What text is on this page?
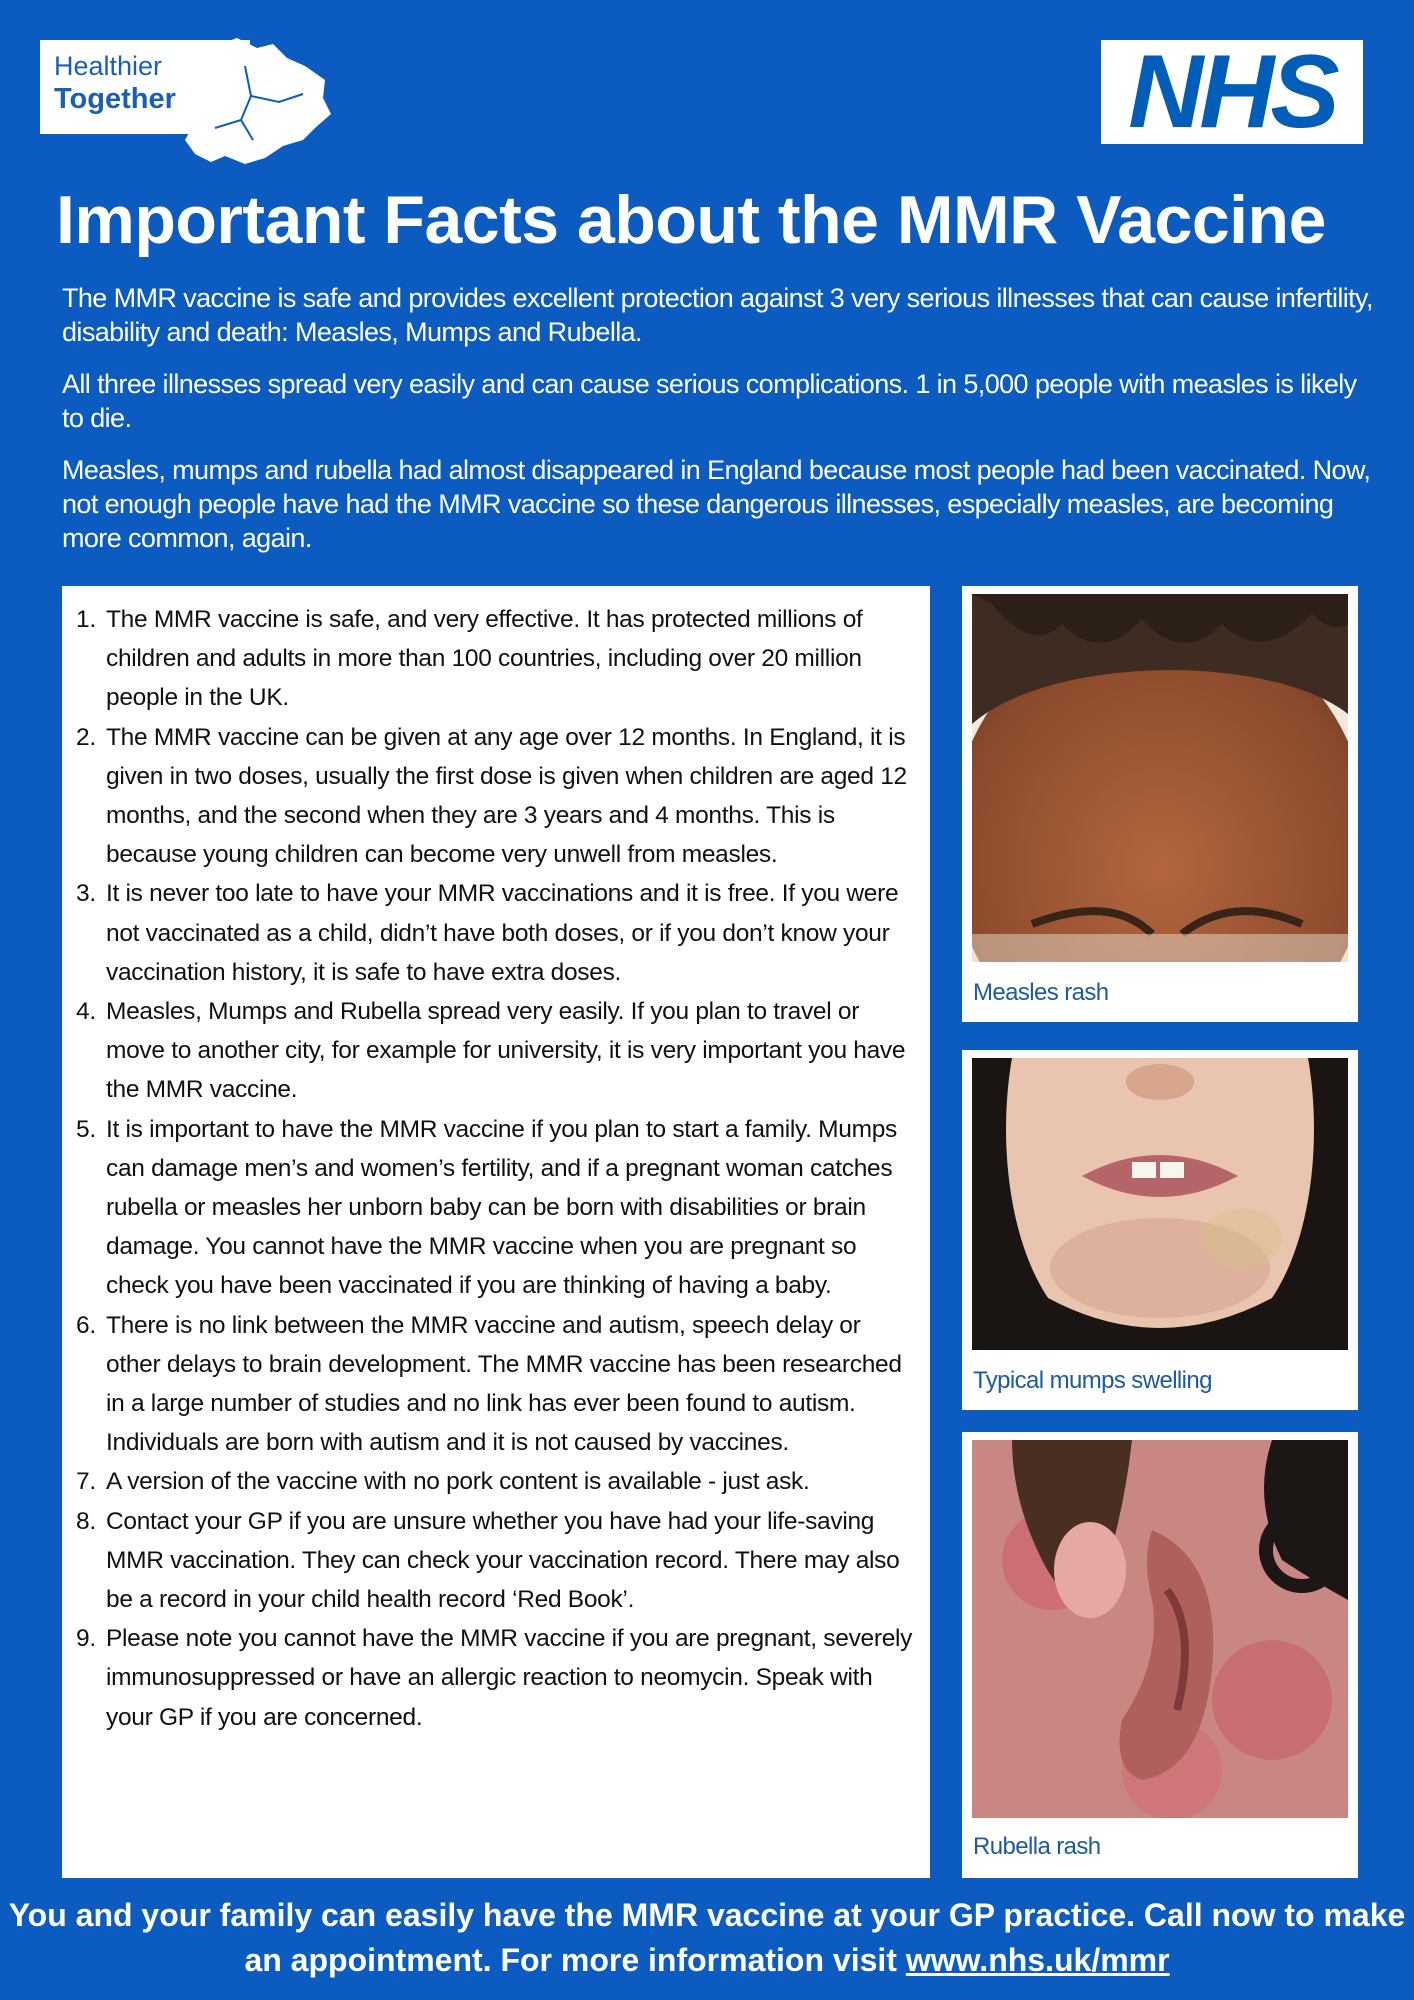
Healthier
Together	NHS
Important Facts about the MMR Vaccine

The MMR vaccine is safe and provides excellent protection against 3 very serious illnesses that can cause infertility, disability and death: Measles, Mumps and Rubella.

All three illnesses spread very easily and can cause serious complications. 1 in 5,000 people with measles is likely to die.

Measles, mumps and rubella had almost disappeared in England because most people had been vaccinated. Now, not enough people have had the MMR vaccine so these dangerous illnesses, especially measles, are becoming more common, again.

1. The MMR vaccine is safe, and very effective. It has protected millions of children and adults in more than 100 countries, including over 20 million people in the UK.
2. The MMR vaccine can be given at any age over 12 months. In England, it is given in two doses, usually the first dose is given when children are aged 12 months, and the second when they are 3 years and 4 months. This is because young children can become very unwell from measles.
3. It is never too late to have your MMR vaccinations and it is free. If you were not vaccinated as a child, didn’t have both doses, or if you don’t know your vaccination history, it is safe to have extra doses.
4. Measles, Mumps and Rubella spread very easily. If you plan to travel or move to another city, for example for university, it is very important you have the MMR vaccine.
5. It is important to have the MMR vaccine if you plan to start a family. Mumps can damage men’s and women’s fertility, and if a pregnant woman catches rubella or measles her unborn baby can be born with disabilities or brain damage. You cannot have the MMR vaccine when you are pregnant so check you have been vaccinated if you are thinking of having a baby.
6. There is no link between the MMR vaccine and autism, speech delay or other delays to brain development. The MMR vaccine has been researched in a large number of studies and no link has ever been found to autism. Individuals are born with autism and it is not caused by vaccines.
7. A version of the vaccine with no pork content is available - just ask.
8. Contact your GP if you are unsure whether you have had your life-saving MMR vaccination. They can check your vaccination record. There may also be a record in your child health record ‘Red Book’.
9. Please note you cannot have the MMR vaccine if you are pregnant, severely immunosuppressed or have an allergic reaction to neomycin. Speak with your GP if you are concerned.
Measles rash
Typical mumps swelling
Rubella rash
You and your family can easily have the MMR vaccine at your GP practice. Call now to make an appointment. For more information visit www.nhs.uk/mmr
